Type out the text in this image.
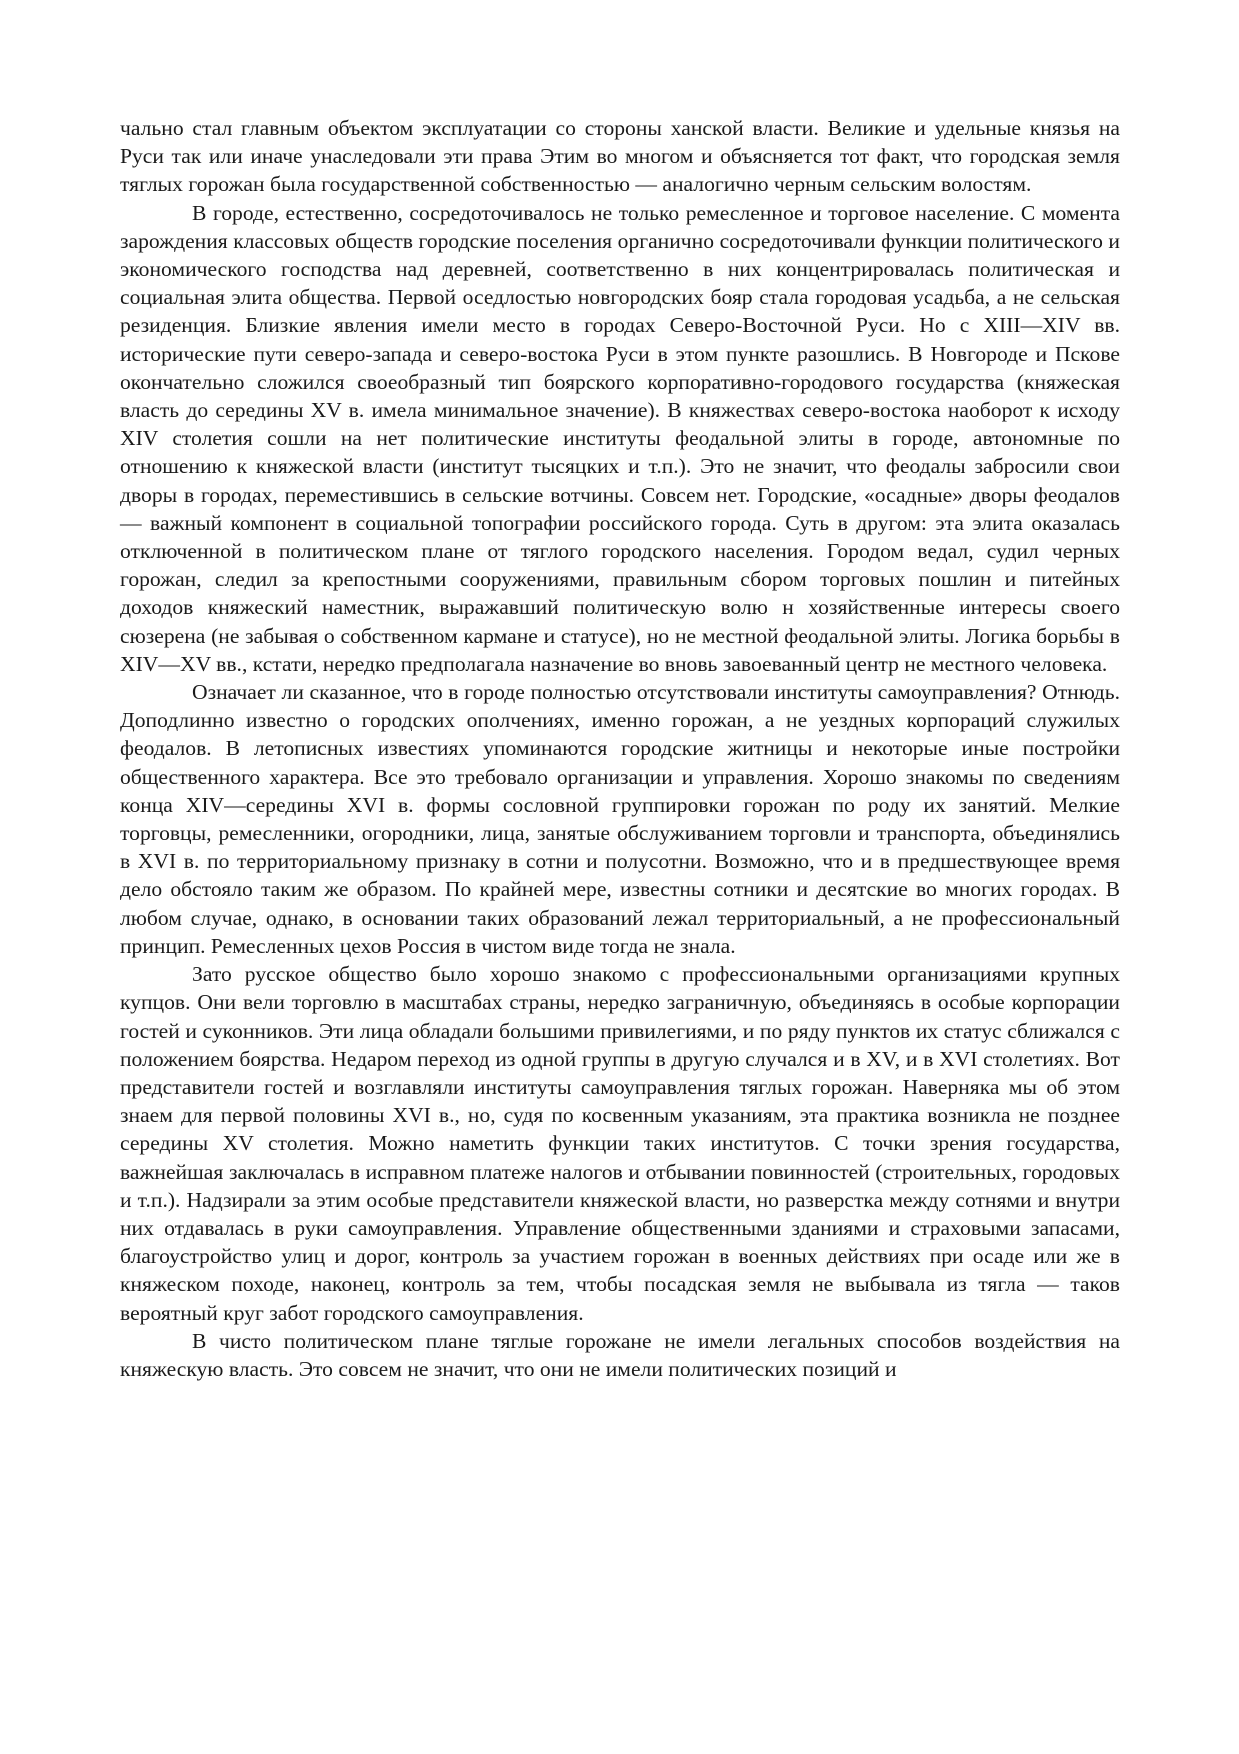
чально стал главным объектом эксплуатации со стороны ханской власти. Великие и удельные князья на Руси так или иначе унаследовали эти права Этим во многом и объясняется тот факт, что городская земля тяглых горожан была государственной собственностью — аналогично черным сельским волостям.

В городе, естественно, сосредоточивалось не только ремесленное и торговое население. С момента зарождения классовых обществ городские поселения органично сосредоточивали функции политического и экономического господства над деревней, соответственно в них концентрировалась политическая и социальная элита общества. Первой оседлостью новгородских бояр стала городовая усадьба, а не сельская резиденция. Близкие явления имели место в городах Северо-Восточной Руси. Но с XIII—XIV вв. исторические пути северо-запада и северо-востока Руси в этом пункте разошлись. В Новгороде и Пскове окончательно сложился своеобразный тип боярского корпоративно-городового государства (княжеская власть до середины XV в. имела минимальное значение). В княжествах северо-востока наоборот к исходу XIV столетия сошли на нет политические институты феодальной элиты в городе, автономные по отношению к княжеской власти (институт тысяцких и т.п.). Это не значит, что феодалы забросили свои дворы в городах, переместившись в сельские вотчины. Совсем нет. Городские, «осадные» дворы феодалов — важный компонент в социальной топографии российского города. Суть в другом: эта элита оказалась отключенной в политическом плане от тяглого городского населения. Городом ведал, судил черных горожан, следил за крепостными сооружениями, правильным сбором торговых пошлин и питейных доходов княжеский наместник, выражавший политическую волю н хозяйственные интересы своего сюзерена (не забывая о собственном кармане и статусе), но не местной феодальной элиты. Логика борьбы в XIV—XV вв., кстати, нередко предполагала назначение во вновь завоеванный центр не местного человека.

Означает ли сказанное, что в городе полностью отсутствовали институты самоуправления? Отнюдь. Доподлинно известно о городских ополчениях, именно горожан, а не уездных корпораций служилых феодалов. В летописных известиях упоминаются городские житницы и некоторые иные постройки общественного характера. Все это требовало организации и управления. Хорошо знакомы по сведениям конца XIV—середины XVI в. формы сословной группировки горожан по роду их занятий. Мелкие торговцы, ремесленники, огородники, лица, занятые обслуживанием торговли и транспорта, объединялись в XVI в. по территориальному признаку в сотни и полусотни. Возможно, что и в предшествующее время дело обстояло таким же образом. По крайней мере, известны сотники и десятские во многих городах. В любом случае, однако, в основании таких образований лежал территориальный, а не профессиональный принцип. Ремесленных цехов Россия в чистом виде тогда не знала.

Зато русское общество было хорошо знакомо с профессиональными организациями крупных купцов. Они вели торговлю в масштабах страны, нередко заграничную, объединяясь в особые корпорации гостей и суконников. Эти лица обладали большими привилегиями, и по ряду пунктов их статус сближался с положением боярства. Недаром переход из одной группы в другую случался и в XV, и в XVI столетиях. Вот представители гостей и возглавляли институты самоуправления тяглых горожан. Наверняка мы об этом знаем для первой половины XVI в., но, судя по косвенным указаниям, эта практика возникла не позднее середины XV столетия. Можно наметить функции таких институтов. С точки зрения государства, важнейшая заключалась в исправном платеже налогов и отбывании повинностей (строительных, городовых и т.п.). Надзирали за этим особые представители княжеской власти, но разверстка между сотнями и внутри них отдавалась в руки самоуправления. Управление общественными зданиями и страховыми запасами, благоустройство улиц и дорог, контроль за участием горожан в военных действиях при осаде или же в княжеском походе, наконец, контроль за тем, чтобы посадская земля не выбывала из тягла — таков вероятный круг забот городского самоуправления.

В чисто политическом плане тяглые горожане не имели легальных способов воздействия на княжескую власть. Это совсем не значит, что они не имели политических позиций и
